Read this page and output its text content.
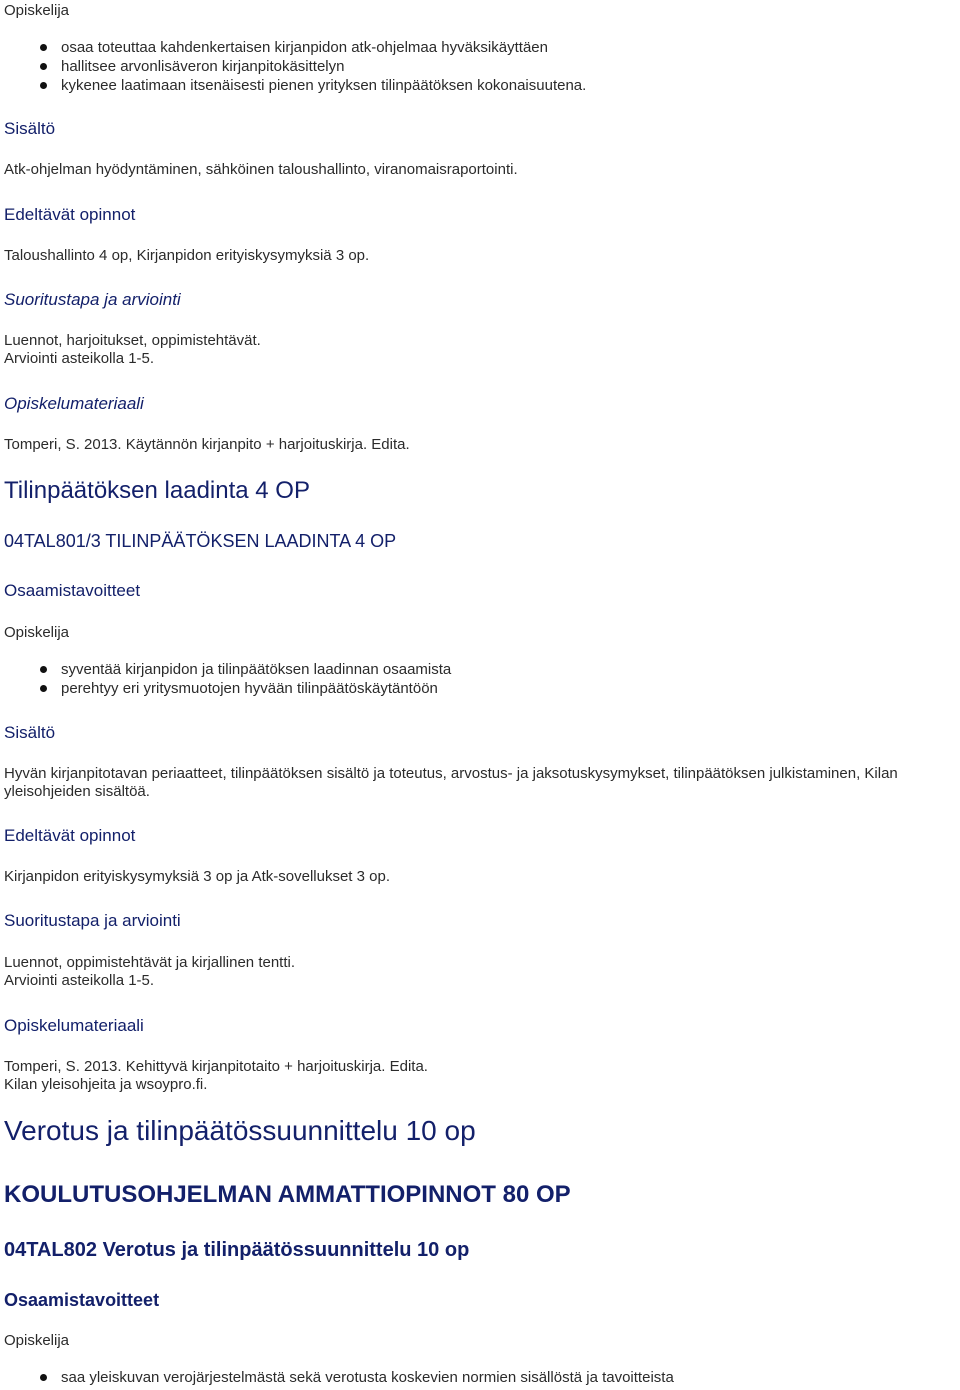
Opiskelija
osaa toteuttaa kahdenkertaisen kirjanpidon atk-ohjelmaa hyväksikäyttäen
hallitsee arvonlisäveron kirjanpitokäsittelyn
kykenee laatimaan itsenäisesti pienen yrityksen tilinpäätöksen kokonaisuutena.
Sisältö
Atk-ohjelman hyödyntäminen, sähköinen taloushallinto, viranomaisraportointi.
Edeltävät opinnot
Taloushallinto 4 op, Kirjanpidon erityiskysymyksiä 3 op.
Suoritustapa ja arviointi
Luennot, harjoitukset, oppimistehtävät.
Arviointi asteikolla 1-5.
Opiskelumateriaali
Tomperi, S. 2013. Käytännön kirjanpito + harjoituskirja. Edita.
Tilinpäätöksen laadinta 4 OP
04TAL801/3 TILINPÄÄTÖKSEN LAADINTA 4 OP
Osaamistavoitteet
Opiskelija
syventää kirjanpidon ja tilinpäätöksen laadinnan osaamista
perehtyy eri yritysmuotojen hyvään tilinpäätöskäytäntöön
Sisältö
Hyvän kirjanpitotavan periaatteet, tilinpäätöksen sisältö ja toteutus, arvostus- ja jaksotuskysymykset, tilinpäätöksen julkistaminen, Kilan
yleisohjeiden sisältöä.
Edeltävät opinnot
Kirjanpidon erityiskysymyksiä 3 op ja Atk-sovellukset 3 op.
Suoritustapa ja arviointi
Luennot, oppimistehtävät ja kirjallinen tentti.
Arviointi asteikolla 1-5.
Opiskelumateriaali
Tomperi, S. 2013. Kehittyvä kirjanpitotaito + harjoituskirja. Edita.
Kilan yleisohjeita ja wsoypro.fi.
Verotus ja tilinpäätössuunnittelu 10 op
KOULUTUSOHJELMAN AMMATTIOPINNOT 80 OP
04TAL802 Verotus ja tilinpäätössuunnittelu 10 op
Osaamistavoitteet
Opiskelija
saa yleiskuvan verojärjestelmästä sekä verotusta koskevien normien sisällöstä ja tavoitteista
